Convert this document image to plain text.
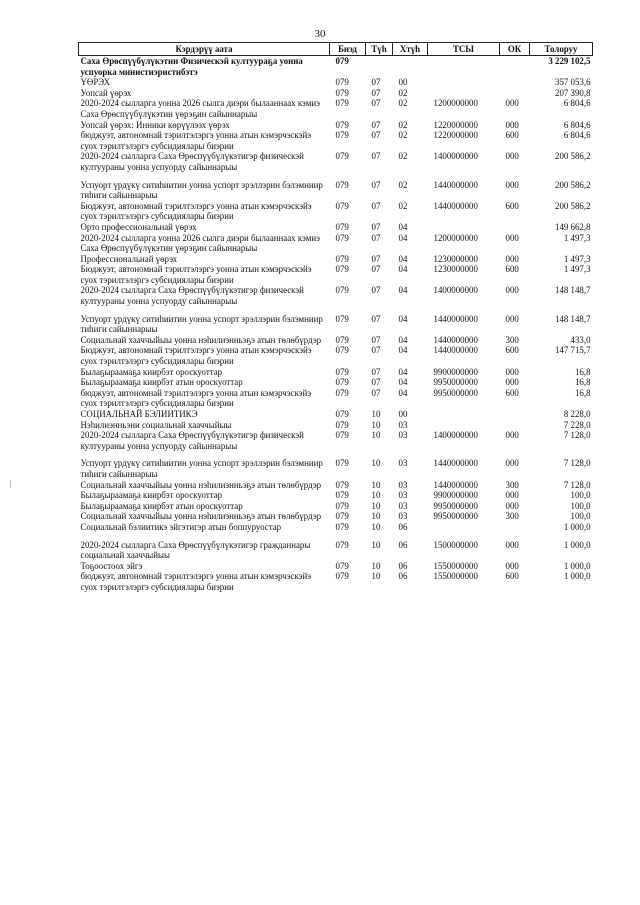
30
Кэрдэрүү аата	Биэд	Түһ	Хтүһ	ТСЫ	ОК	Толоруу
Саха Өрөспүүбүлүкэтин Физическэй култуураҕа уонна успуорка министиэристибэтэ	079					3 229 102,5
ҮӨРЭХ	079	07	00			357 053,6
Уопсай үөрэх	079	07	02			207 390,8
2020-2024 сылларга уонна 2026 сылга диэри былааннаах кэмиэ Саха Өрөспүүбүлүкэтин үөрэҕин сайыннарыы	079	07	02	1200000000	000	6 804,6
Уопсай үөрэх: Инники көрүүлээх үөрэх	079	07	02	1220000000	000	6 804,6
бюджуэт, автономнай тэрилтэлэргэ уонна атын кэмэрчэскэйэ суох тэрилтэлэргэ субсидиялары биэрии	079	07	02	1220000000	600	6 804,6
2020-2024 сылларга Саха Өрөспүүбүлүкэтигэр физическэй култуураны уонна успуорду сайыннарыы	079	07	02	1400000000	000	200 586,2
Успуорт үрдүкү ситиһиитин уонна успорт эрэллэрин бэлэмниир тиһиги сайыннарыы	079	07	02	1440000000	000	200 586,2
Бюджуэт, автономнай тэрилтэлэргэ уонна атын кэмэрчэскэйэ суох тэрилтэлэргэ субсидиялары биэрии	079	07	02	1440000000	600	200 586,2
Орто профессиональнай үөрэх	079	07	04			149 662,8
2020-2024 сылларга уонна 2026 сылга диэри былааннаах кэмиэ Саха Өрөспүүбүлүкэтин үөрэҕин сайыннарыы	079	07	04	1200000000	000	1 497,3
Профессиональнай үөрэх	079	07	04	1230000000	000	1 497,3
Бюджуэт, автономнай тэрилтэлэргэ уонна атын кэмэрчэскэйэ суох тэрилтэлэргэ субсидиялары биэрии	079	07	04	1230000000	600	1 497,3
2020-2024 сылларга Саха Өрөспүүбүлүкэтигэр физическэй култуураны уонна успуорду сайыннарыы	079	07	04	1400000000	000	148 148,7
Успуорт үрдүкү ситиһиитин уонна успорт эрэллэрин бэлэмниир тиһиги сайыннарыы	079	07	04	1440000000	000	148 148,7
Социальнай хааччыйыы уонна нэһилиэнньэҕэ атын төлөбүрдэр	079	07	04	1440000000	300	433,0
Бюджуэт, автономнай тэрилтэлэргэ уонна атын кэмэрчэскэйэ суох тэрилтэлэргэ субсидиялары биэрии	079	07	04	1440000000	600	147 715,7
Былаҕыраамаҕа киирбэт ороскуоттар	079	07	04	9900000000	000	16,8
Былаҕыраамаҕа киирбэт атын ороскуоттар	079	07	04	9950000000	000	16,8
бюджуэт, автономнай тэрилтэлэргэ уонна атын кэмэрчэскэйэ суох тэрилтэлэргэ субсидиялары биэрии	079	07	04	9950000000	600	16,8
СОЦИАЛЬНАЙ БЭЛИИТИКЭ	079	10	00			8 228,0
Нэһилиэнньэни социальнай хааччыйыы	079	10	03			7 228,0
2020-2024 сылларга Саха Өрөспүүбүлүкэтигэр физическэй култуураны уонна успуорду сайыннарыы	079	10	03	1400000000	000	7 128,0
Успуорт үрдүкү ситиһиитин уонна успорт эрэллэрин бэлэмниир тиһиги сайыннарыы	079	10	03	1440000000	000	7 128,0
Социальнай хааччыйыы уонна нэһилиэнньэҕэ атын төлөбүрдэр	079	10	03	1440000000	300	7 128,0
Былаҕыраамаҕа киирбэт ороскуоттар	079	10	03	9900000000	000	100,0
Былаҕыраамаҕа киирбэт атын ороскуоттар	079	10	03	9950000000	000	100,0
Социальнай хааччыйыы уонна нэһилиэнньэҕэ атын төлөбүрдэр	079	10	03	9950000000	300	100,0
Социальнай бэлиитикэ эйгэтигэр атын боппуруостар	079	10	06			1 000,0
2020-2024 сылларга Саха Өрөспүүбүлүкэтигэр гражданнары социальнай хааччыйыы	079	10	06	1500000000	000	1 000,0
Тоҕоостоох эйгэ	079	10	06	1550000000	000	1 000,0
бюджуэт, автономнай тэрилтэлэргэ уонна атын кэмэрчэскэйэ суох тэрилтэлэргэ субсидиялары биэрии	079	10	06	1550000000	600	1 000,0
